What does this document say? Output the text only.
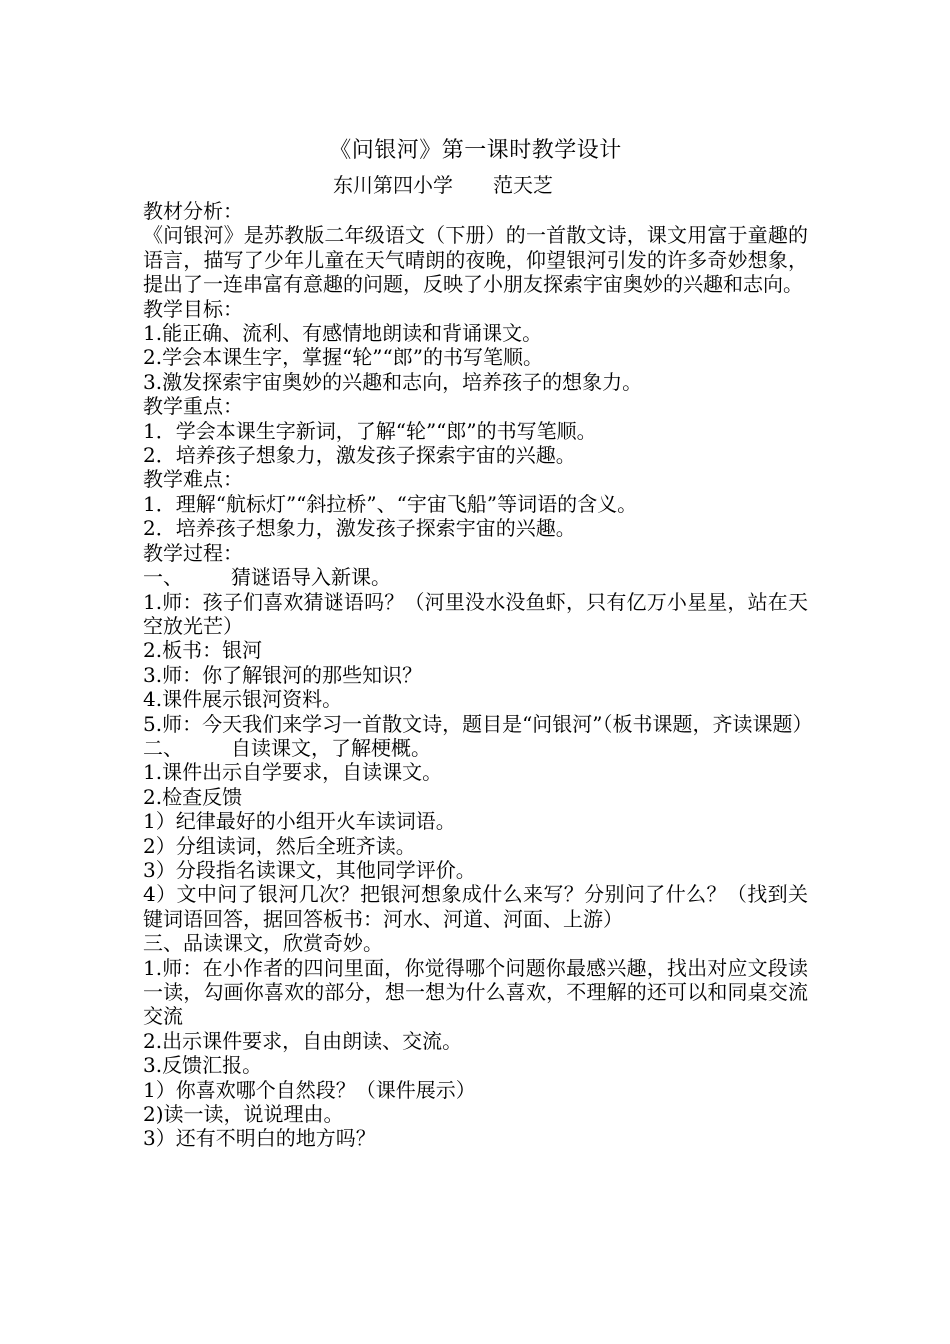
《问银河》第一课时教学设计
东川第四小学　　范天芝
教材分析：
《问银河》是苏教版二年级语文（下册）的一首散文诗，课文用富于童趣的语言，描写了少年儿童在天气晴朗的夜晚，仰望银河引发的许多奇妙想象，提出了一连串富有意趣的问题，反映了小朋友探索宇宙奥妙的兴趣和志向。
教学目标：
1.能正确、流利、有感情地朗读和背诵课文。
2.学会本课生字，掌握“轮”“郎”的书写笔顺。
3.激发探索宇宙奥妙的兴趣和志向，培养孩子的想象力。
教学重点：
1．学会本课生字新词，了解“轮”“郎”的书写笔顺。
2．培养孩子想象力，激发孩子探索宇宙的兴趣。
教学难点：
1．理解“航标灯”“斜拉桥”、“宇宙飞船”等词语的含义。
2．培养孩子想象力，激发孩子探索宇宙的兴趣。
教学过程：
一、 猜谜语导入新课。
1.师：孩子们喜欢猜谜语吗？（河里没水没鱼虾，只有亿万小星星，站在天空放光芒）
2.板书：银河
3.师：你了解银河的那些知识？
4.课件展示银河资料。
5.师：今天我们来学习一首散文诗，题目是“问银河”（板书课题，齐读课题）
二、 自读课文，了解梗概。
1.课件出示自学要求，自读课文。
2.检查反馈
1）纪律最好的小组开火车读词语。
2）分组读词，然后全班齐读。
3）分段指名读课文，其他同学评价。
4）文中问了银河几次？把银河想象成什么来写？分别问了什么？（找到关键词语回答，据回答板书：河水、河道、河面、上游）
三、品读课文，欣赏奇妙。
1.师：在小作者的四问里面，你觉得哪个问题你最感兴趣，找出对应文段读一读，勾画你喜欢的部分，想一想为什么喜欢，不理解的还可以和同桌交流交流
2.出示课件要求，自由朗读、交流。
3.反馈汇报。
1）你喜欢哪个自然段？（课件展示）
2)读一读，说说理由。
3）还有不明白的地方吗？
